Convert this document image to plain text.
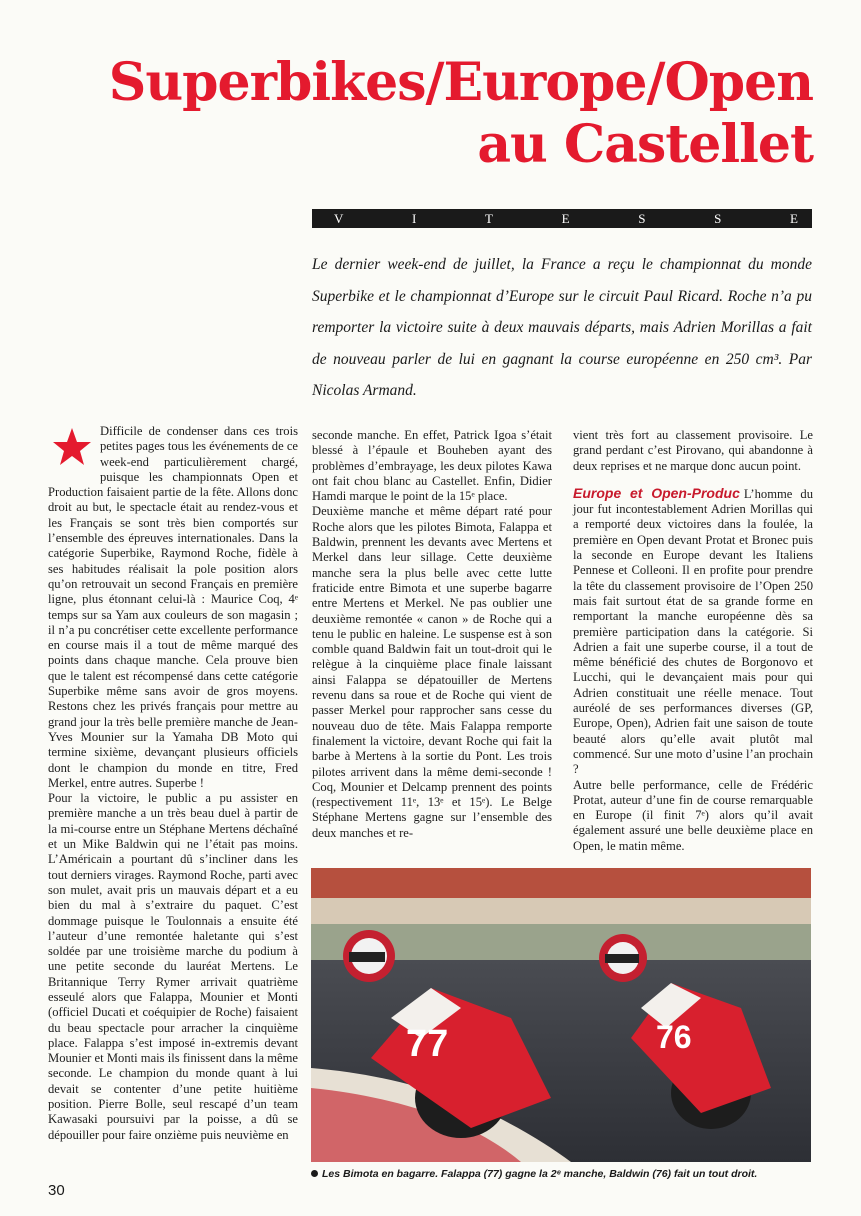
Superbikes/Europe/Open
au Castellet
V	I	T	E	S	S	E

Le dernier week-end de juillet, la France a reçu le championnat du monde Superbike et le championnat d’Europe sur le circuit Paul Ricard. Roche n’a pu remporter la victoire suite à deux mauvais départs, mais Adrien Morillas a fait de nouveau parler de lui en gagnant la course européenne en 250 cm³. Par Nicolas Armand.

Difficile de condenser dans ces trois petites pages tous les événements de ce week-end particulièrement chargé, puisque les championnats Open et Production faisaient partie de la fête. Allons donc droit au but, le spectacle était au rendez-vous et les Français se sont très bien comportés sur l’ensemble des épreuves internationales. Dans la catégorie Superbike, Raymond Roche, fidèle à ses habitudes réalisait la pole position alors qu’on retrouvait un second Français en première ligne, plus étonnant celui-là : Maurice Coq, 4ᵉ temps sur sa Yam aux couleurs de son magasin ; il n’a pu concrétiser cette excellente performance en course mais il a tout de même marqué des points dans chaque manche. Cela prouve bien que le talent est récompensé dans cette catégorie Superbike même sans avoir de gros moyens. Restons chez les privés français pour mettre au grand jour la très belle première manche de Jean-Yves Mounier sur la Yamaha DB Moto qui termine sixième, devançant plusieurs officiels dont le champion du monde en titre, Fred Merkel, entre autres. Superbe !

Pour la victoire, le public a pu assister en première manche a un très beau duel à partir de la mi-course entre un Stéphane Mertens déchaîné et un Mike Baldwin qui ne l’était pas moins. L’Américain a pourtant dû s’incliner dans les tout derniers virages. Raymond Roche, parti avec son mulet, avait pris un mauvais départ et a eu bien du mal à s’extraire du paquet. C’est dommage puisque le Toulonnais a ensuite été l’auteur d’une remontée haletante qui s’est soldée par une troisième marche du podium à une petite seconde du lauréat Mertens. Le Britannique Terry Rymer arrivait quatrième esseulé alors que Falappa, Mounier et Monti (officiel Ducati et coéquipier de Roche) faisaient du beau spectacle pour arracher la cinquième place. Falappa s’est imposé in-extremis devant Mounier et Monti mais ils finissent dans la même seconde. Le champion du monde quant à lui devait se contenter d’une petite huitième position. Pierre Bolle, seul rescapé d’un team Kawasaki poursuivi par la poisse, a dû se dépouiller pour faire onzième puis neuvième en

seconde manche. En effet, Patrick Igoa s’était blessé à l’épaule et Bouheben ayant des problèmes d’embrayage, les deux pilotes Kawa ont fait chou blanc au Castellet. Enfin, Didier Hamdi marque le point de la 15ᵉ place.

Deuxième manche et même départ raté pour Roche alors que les pilotes Bimota, Falappa et Baldwin, prennent les devants avec Mertens et Merkel dans leur sillage. Cette deuxième manche sera la plus belle avec cette lutte fraticide entre Bimota et une superbe bagarre entre Mertens et Merkel. Ne pas oublier une deuxième remontée « canon » de Roche qui a tenu le public en haleine. Le suspense est à son comble quand Baldwin fait un tout-droit qui le relègue à la cinquième place finale laissant ainsi Falappa se dépatouiller de Mertens revenu dans sa roue et de Roche qui vient de passer Merkel pour rapprocher sans cesse du nouveau duo de tête. Mais Falappa remporte finalement la victoire, devant Roche qui fait la barbe à Mertens à la sortie du Pont. Les trois pilotes arrivent dans la même demi-seconde ! Coq, Mounier et Delcamp prennent des points (respectivement 11ᵉ, 13ᵉ et 15ᵉ). Le Belge Stéphane Mertens gagne sur l’ensemble des deux manches et re-

vient très fort au classement provisoire. Le grand perdant c’est Pirovano, qui abandonne à deux reprises et ne marque donc aucun point.

Europe et Open-Produc L’homme du jour fut incontestablement Adrien Morillas qui a remporté deux victoires dans la foulée, la première en Open devant Protat et Bronec puis la seconde en Europe devant les Italiens Pennese et Colleoni. Il en profite pour prendre la tête du classement provisoire de l’Open 250 mais fait surtout état de sa grande forme en remportant la manche européenne dès sa première participation dans la catégorie. Si Adrien a fait une superbe course, il a tout de même bénéficié des chutes de Borgonovo et Lucchi, qui le devançaient mais pour qui Adrien constituait une réelle menace. Tout auréolé de ses performances diverses (GP, Europe, Open), Adrien fait une saison de toute beauté alors qu’elle avait plutôt mal commencé. Sur une moto d’usine l’an prochain ?

Autre belle performance, celle de Frédéric Protat, auteur d’une fin de course remarquable en Europe (il finit 7ᵉ) alors qu’il avait également assuré une belle deuxième place en Open, le matin même.

77	76
Les Bimota en bagarre. Falappa (77) gagne la 2ᵉ manche, Baldwin (76) fait un tout droit.
30
